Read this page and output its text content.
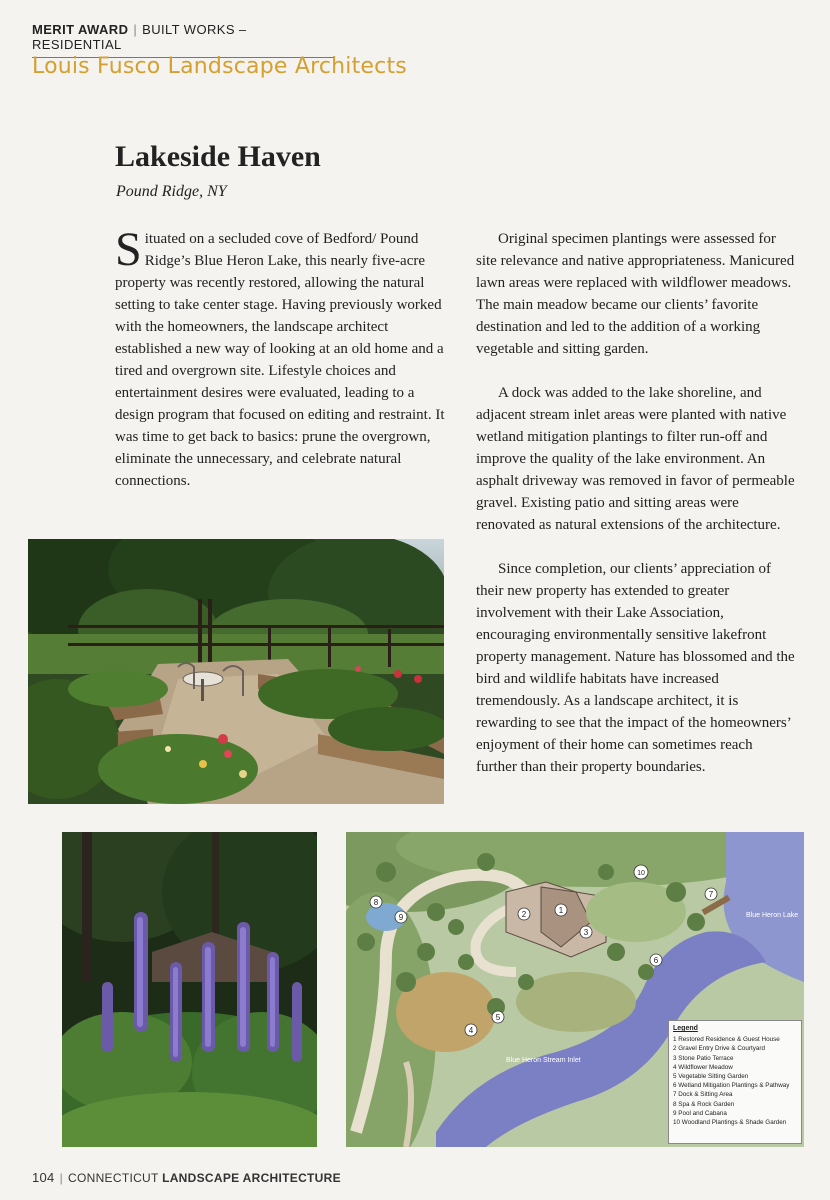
MERIT AWARD | BUILT WORKS – RESIDENTIAL
Louis Fusco Landscape Architects
Lakeside Haven
Pound Ridge, NY

Situated on a secluded cove of Bedford/ Pound Ridge’s Blue Heron Lake, this nearly five-acre property was recently restored, allowing the natural setting to take center stage. Having previously worked with the homeowners, the landscape architect established a new way of looking at an old home and a tired and overgrown site. Lifestyle choices and entertainment desires were evaluated, leading to a design program that focused on editing and restraint. It was time to get back to basics: prune the overgrown, eliminate the unnecessary, and celebrate natural connections.

Original specimen plantings were assessed for site relevance and native appropriateness. Manicured lawn areas were replaced with wildflower meadows. The main meadow became our clients’ favorite destination and led to the addition of a working vegetable and sitting garden.

A dock was added to the lake shoreline, and adjacent stream inlet areas were planted with native wetland mitigation plantings to filter run-off and improve the quality of the lake environment. An asphalt driveway was removed in favor of permeable gravel. Existing patio and sitting areas were renovated as natural extensions of the architecture.

Since completion, our clients’ appreciation of their new property has extended to greater involvement with their Lake Association, encouraging environmentally sensitive lakefront property management. Nature has blossomed and the bird and wildlife habitats have increased tremendously. As a landscape architect, it is rewarding to see that the impact of the homeowners’ enjoyment of their home can sometimes reach further than their property boundaries.

1
2
3
4
5
6
7
8
9
10
Blue Heron Lake
Blue Heron Stream Inlet
Legend
1 Restored Residence & Guest House
2 Gravel Entry Drive & Courtyard
3 Stone Patio Terrace
4 Wildflower Meadow
5 Vegetable Sitting Garden
6 Wetland Mitigation Plantings & Pathway
7 Dock & Sitting Area
8 Spa & Rock Garden
9 Pool and Cabana
10 Woodland Plantings & Shade Garden
104 | CONNECTICUT LANDSCAPE ARCHITECTURE
